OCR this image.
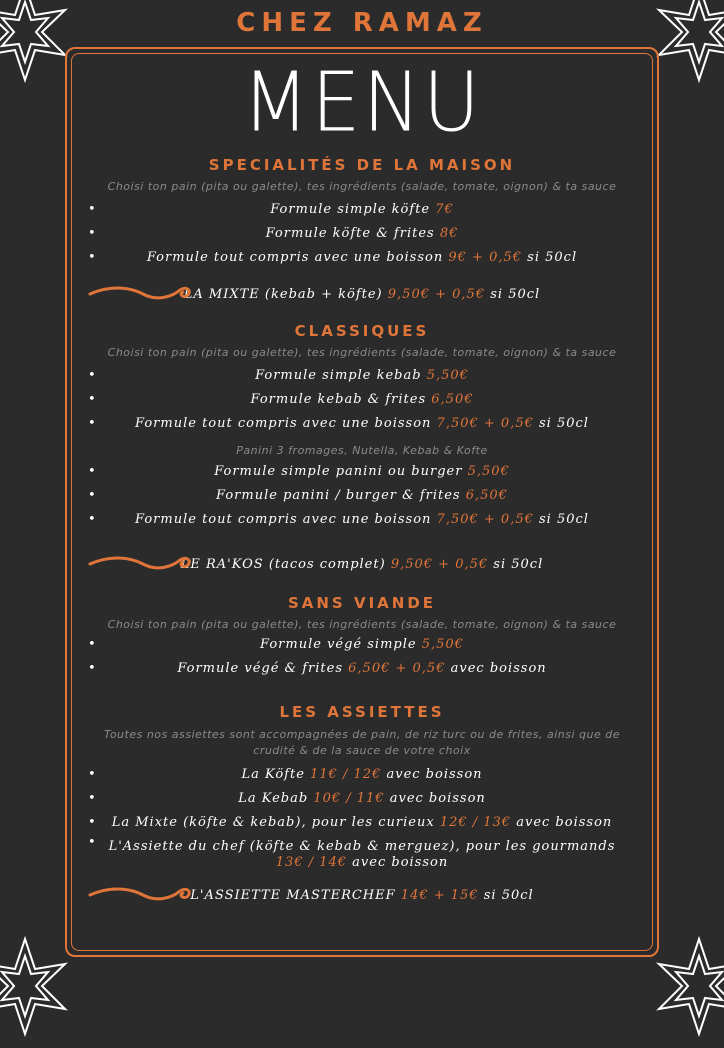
CHEZ RAMAZ
MENU
SPECIALITÉS DE LA MAISON
Choisi ton pain (pita ou galette), tes ingrédients (salade, tomate, oignon) & ta sauce
• Formule simple köfte 7€
• Formule köfte & frites 8€
• Formule tout compris avec une boisson 9€ + 0,5€ si 50cl
LA MIXTE (kebab + köfte) 9,50€ + 0,5€ si 50cl
CLASSIQUES
Choisi ton pain (pita ou galette), tes ingrédients (salade, tomate, oignon) & ta sauce
• Formule simple kebab 5,50€
• Formule kebab & frites 6,50€
• Formule tout compris avec une boisson 7,50€ + 0,5€ si 50cl
Panini 3 fromages, Nutella, Kebab & Kofte
• Formule simple panini ou burger 5,50€
• Formule panini / burger & frites 6,50€
• Formule tout compris avec une boisson 7,50€ + 0,5€ si 50cl
LE RA'KOS (tacos complet) 9,50€ + 0,5€ si 50cl
SANS VIANDE
Choisi ton pain (pita ou galette), tes ingrédients (salade, tomate, oignon) & ta sauce
• Formule végé simple 5,50€
• Formule végé & frites 6,50€ + 0,5€ avec boisson
LES ASSIETTES
Toutes nos assiettes sont accompagnées de pain, de riz turc ou de frites, ainsi que de crudité & de la sauce de votre choix
• La Köfte 11€ / 12€ avec boisson
• La Kebab 10€ / 11€ avec boisson
• La Mixte (köfte & kebab), pour les curieux 12€ / 13€ avec boisson
• L'Assiette du chef (köfte & kebab & merguez), pour les gourmands
13€ / 14€ avec boisson
L'ASSIETTE MASTERCHEF 14€ + 15€ si 50cl
